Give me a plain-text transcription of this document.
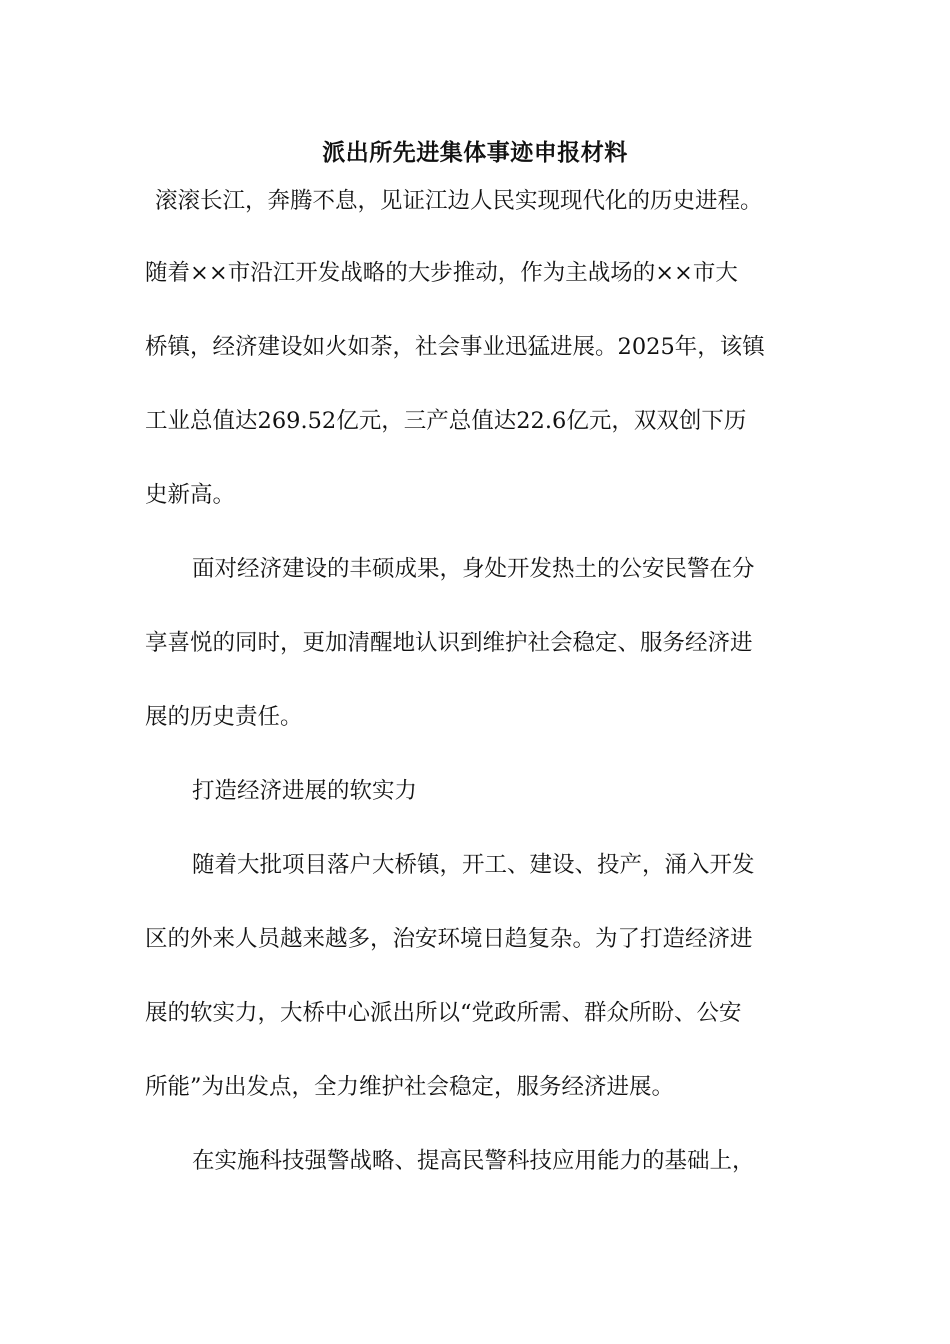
派出所先进集体事迹申报材料
滚滚长江，奔腾不息，见证江边人民实现现代化的历史进程。
随着××市沿江开发战略的大步推动，作为主战场的××市大
桥镇，经济建设如火如荼，社会事业迅猛进展。2025年，该镇
工业总值达269.52亿元，三产总值达22.6亿元，双双创下历
史新高。
面对经济建设的丰硕成果，身处开发热土的公安民警在分
享喜悦的同时，更加清醒地认识到维护社会稳定、服务经济进
展的历史责任。
打造经济进展的软实力
随着大批项目落户大桥镇，开工、建设、投产，涌入开发
区的外来人员越来越多，治安环境日趋复杂。为了打造经济进
展的软实力，大桥中心派出所以“党政所需、群众所盼、公安
所能”为出发点，全力维护社会稳定，服务经济进展。
在实施科技强警战略、提高民警科技应用能力的基础上，
